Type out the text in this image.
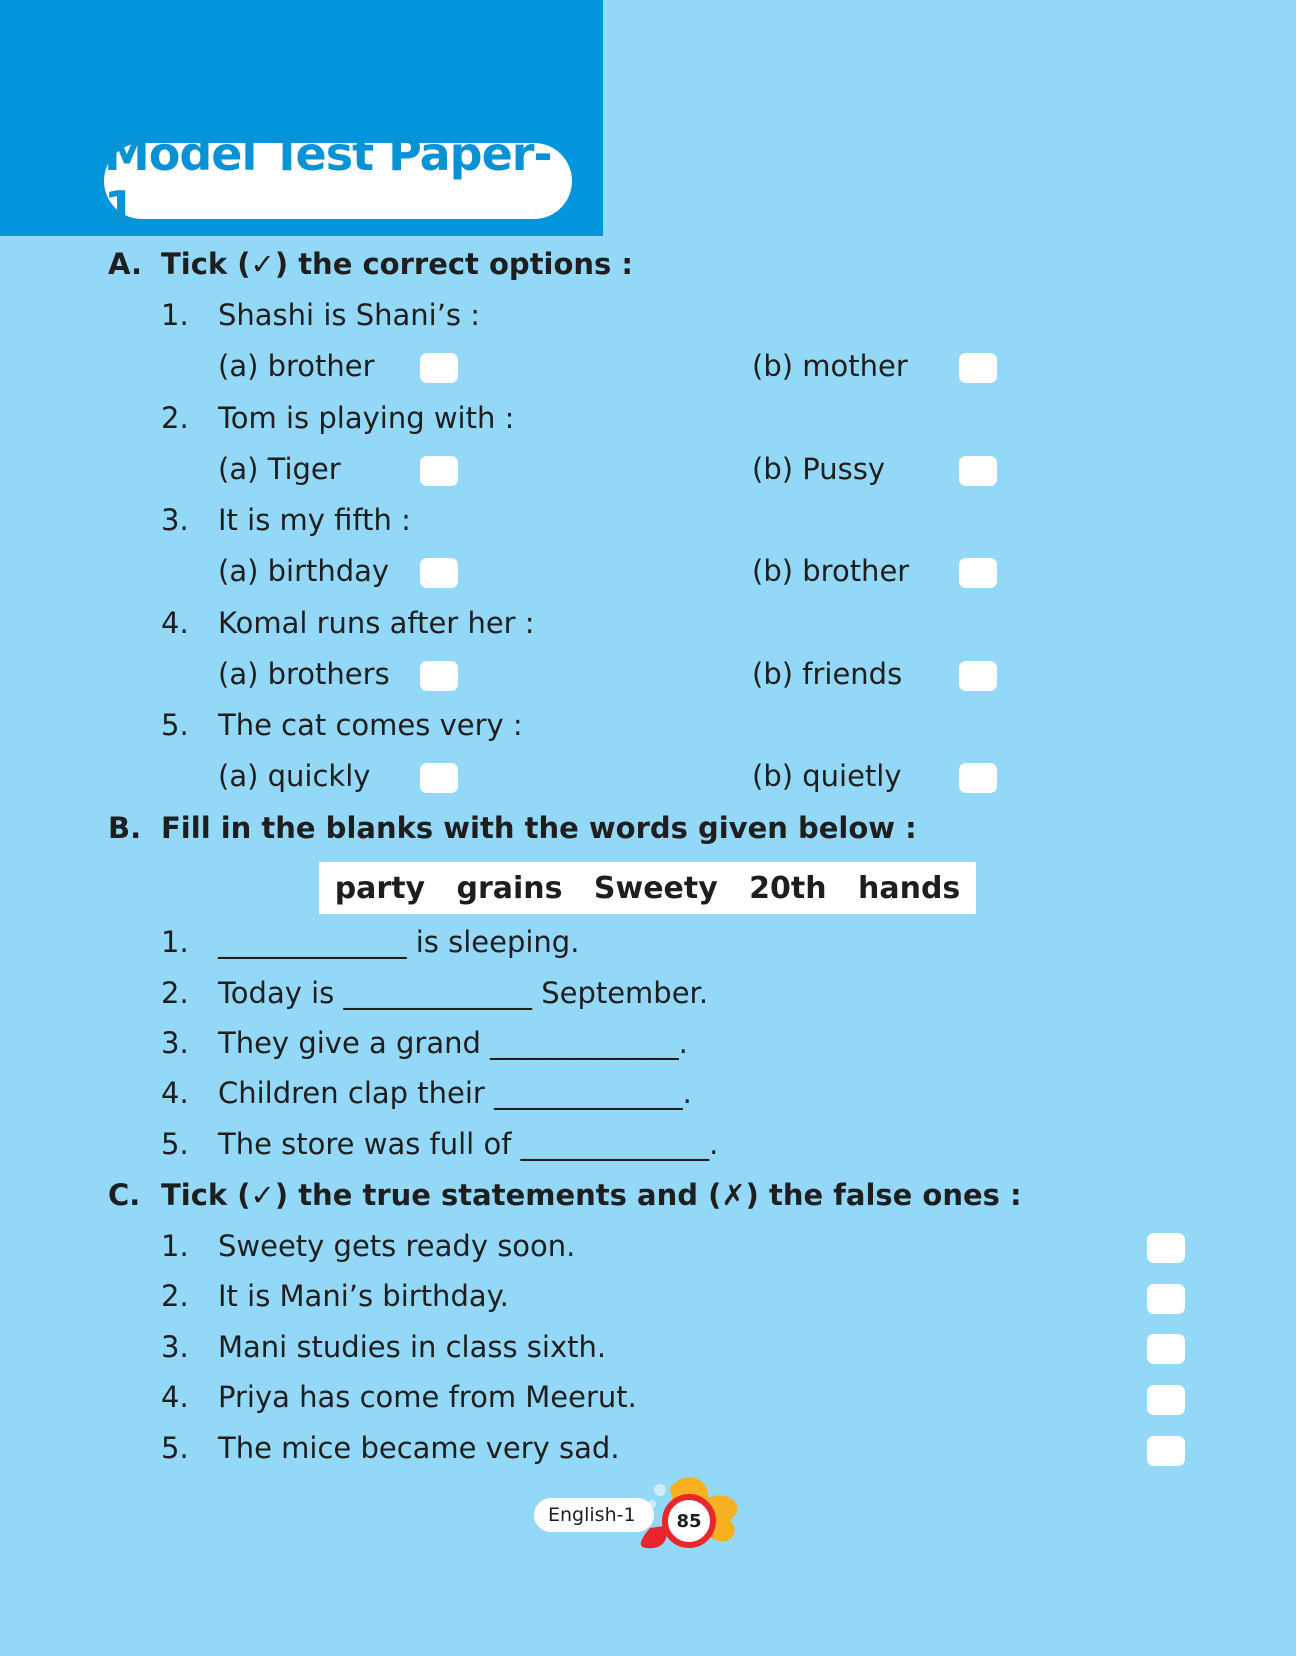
Model Test Paper-1
A. Tick (✓) the correct options :
1. Shashi is Shani’s :
(a) brother	(b) mother
2. Tom is playing with :
(a) Tiger	(b) Pussy
3. It is my fifth :
(a) birthday	(b) brother
4. Komal runs after her :
(a) brothers	(b) friends
5. The cat comes very :
(a) quickly	(b) quietly
B. Fill in the blanks with the words given below :
party grains Sweety 20th hands
1. _____________ is sleeping.
2. Today is _____________ September.
3. They give a grand _____________.
4. Children clap their _____________.
5. The store was full of _____________.
C. Tick (✓) the true statements and (✗) the false ones :
1. Sweety gets ready soon.
2. It is Mani’s birthday.
3. Mani studies in class sixth.
4. Priya has come from Meerut.
5. The mice became very sad.
English-1 85
